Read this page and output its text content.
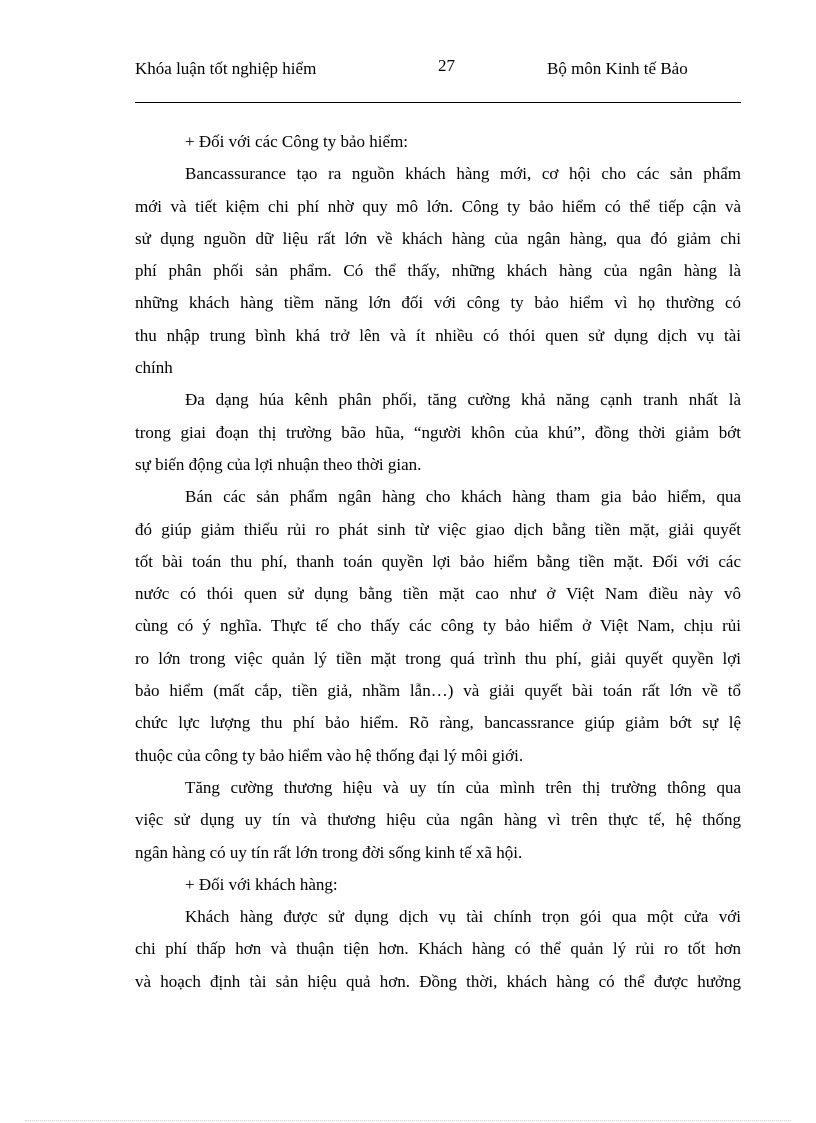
Khóa luận tốt nghiệp hiểm	27	Bộ môn Kinh tế Bảo
+ Đối với các Công ty bảo hiểm:
Bancassurance tạo ra nguồn khách hàng mới, cơ hội cho các sản phẩm
mới và tiết kiệm chi phí nhờ quy mô lớn. Công ty bảo hiểm có thể tiếp cận và
sử dụng nguồn dữ liệu rất lớn về khách hàng của ngân hàng, qua đó giảm chi
phí phân phối sản phẩm. Có thể thấy, những khách hàng của ngân hàng là
những khách hàng tiềm năng lớn đối với công ty bảo hiểm vì họ thường có
thu nhập trung bình khá trở lên và ít nhiều có thói quen sử dụng dịch vụ tài
chính
Đa dạng húa kênh phân phối, tăng cường khả năng cạnh tranh nhất là
trong giai đoạn thị trường bão hũa, “người khôn của khú”, đồng thời giảm bớt
sự biến động của lợi nhuận theo thời gian.
Bán các sản phẩm ngân hàng cho khách hàng tham gia bảo hiểm, qua
đó giúp giảm thiểu rủi ro phát sinh từ việc giao dịch bằng tiền mặt, giải quyết
tốt bài toán thu phí, thanh toán quyền lợi bảo hiểm bằng tiền mặt. Đối với các
nước có thói quen sử dụng bằng tiền mặt cao như ở Việt Nam điều này vô
cùng có ý nghĩa. Thực tế cho thấy các công ty bảo hiểm ở Việt Nam, chịu rủi
ro lớn trong việc quản lý tiền mặt trong quá trình thu phí, giải quyết quyền lợi
bảo hiểm (mất cắp, tiền giả, nhầm lẫn…) và giải quyết bài toán rất lớn về tổ
chức lực lượng thu phí bảo hiểm. Rõ ràng, bancassrance giúp giảm bớt sự lệ
thuộc của công ty bảo hiểm vào hệ thống đại lý môi giới.
Tăng cường thương hiệu và uy tín của mình trên thị trường thông qua
việc sử dụng uy tín và thương hiệu của ngân hàng vì trên thực tế, hệ thống
ngân hàng có uy tín rất lớn trong đời sống kinh tế xã hội.
+ Đối với khách hàng:
Khách hàng được sử dụng dịch vụ tài chính trọn gói qua một cửa với
chi phí thấp hơn và thuận tiện hơn. Khách hàng có thể quản lý rủi ro tốt hơn
và hoạch định tài sản hiệu quả hơn. Đồng thời, khách hàng có thể được hưởng
